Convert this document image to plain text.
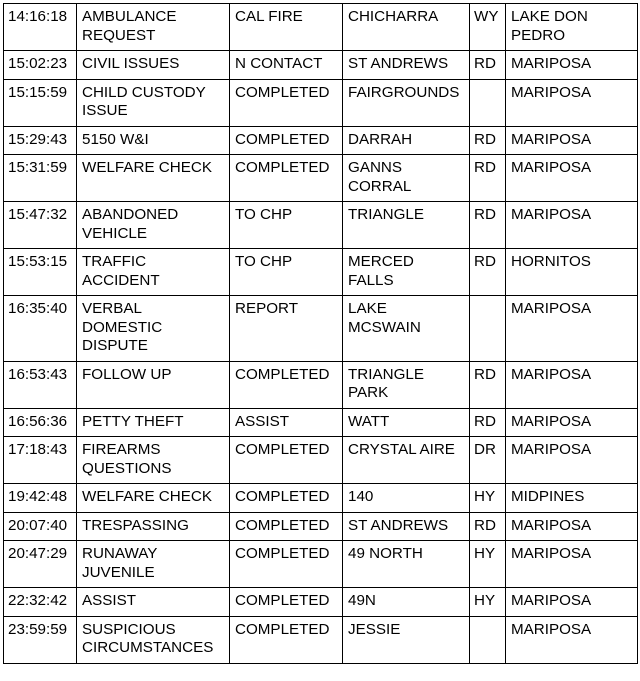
14:16:18	AMBULANCE REQUEST	CAL FIRE	CHICHARRA	WY	LAKE DON PEDRO
15:02:23	CIVIL ISSUES	N CONTACT	ST ANDREWS	RD	MARIPOSA
15:15:59	CHILD CUSTODY ISSUE	COMPLETED	FAIRGROUNDS		MARIPOSA
15:29:43	5150 W&I	COMPLETED	DARRAH	RD	MARIPOSA
15:31:59	WELFARE CHECK	COMPLETED	GANNS CORRAL	RD	MARIPOSA
15:47:32	ABANDONED VEHICLE	TO CHP	TRIANGLE	RD	MARIPOSA
15:53:15	TRAFFIC ACCIDENT	TO CHP	MERCED FALLS	RD	HORNITOS
16:35:40	VERBAL DOMESTIC DISPUTE	REPORT	LAKE MCSWAIN		MARIPOSA
16:53:43	FOLLOW UP	COMPLETED	TRIANGLE PARK	RD	MARIPOSA
16:56:36	PETTY THEFT	ASSIST	WATT	RD	MARIPOSA
17:18:43	FIREARMS QUESTIONS	COMPLETED	CRYSTAL AIRE	DR	MARIPOSA
19:42:48	WELFARE CHECK	COMPLETED	140	HY	MIDPINES
20:07:40	TRESPASSING	COMPLETED	ST ANDREWS	RD	MARIPOSA
20:47:29	RUNAWAY JUVENILE	COMPLETED	49 NORTH	HY	MARIPOSA
22:32:42	ASSIST	COMPLETED	49N	HY	MARIPOSA
23:59:59	SUSPICIOUS CIRCUMSTANCES	COMPLETED	JESSIE		MARIPOSA
